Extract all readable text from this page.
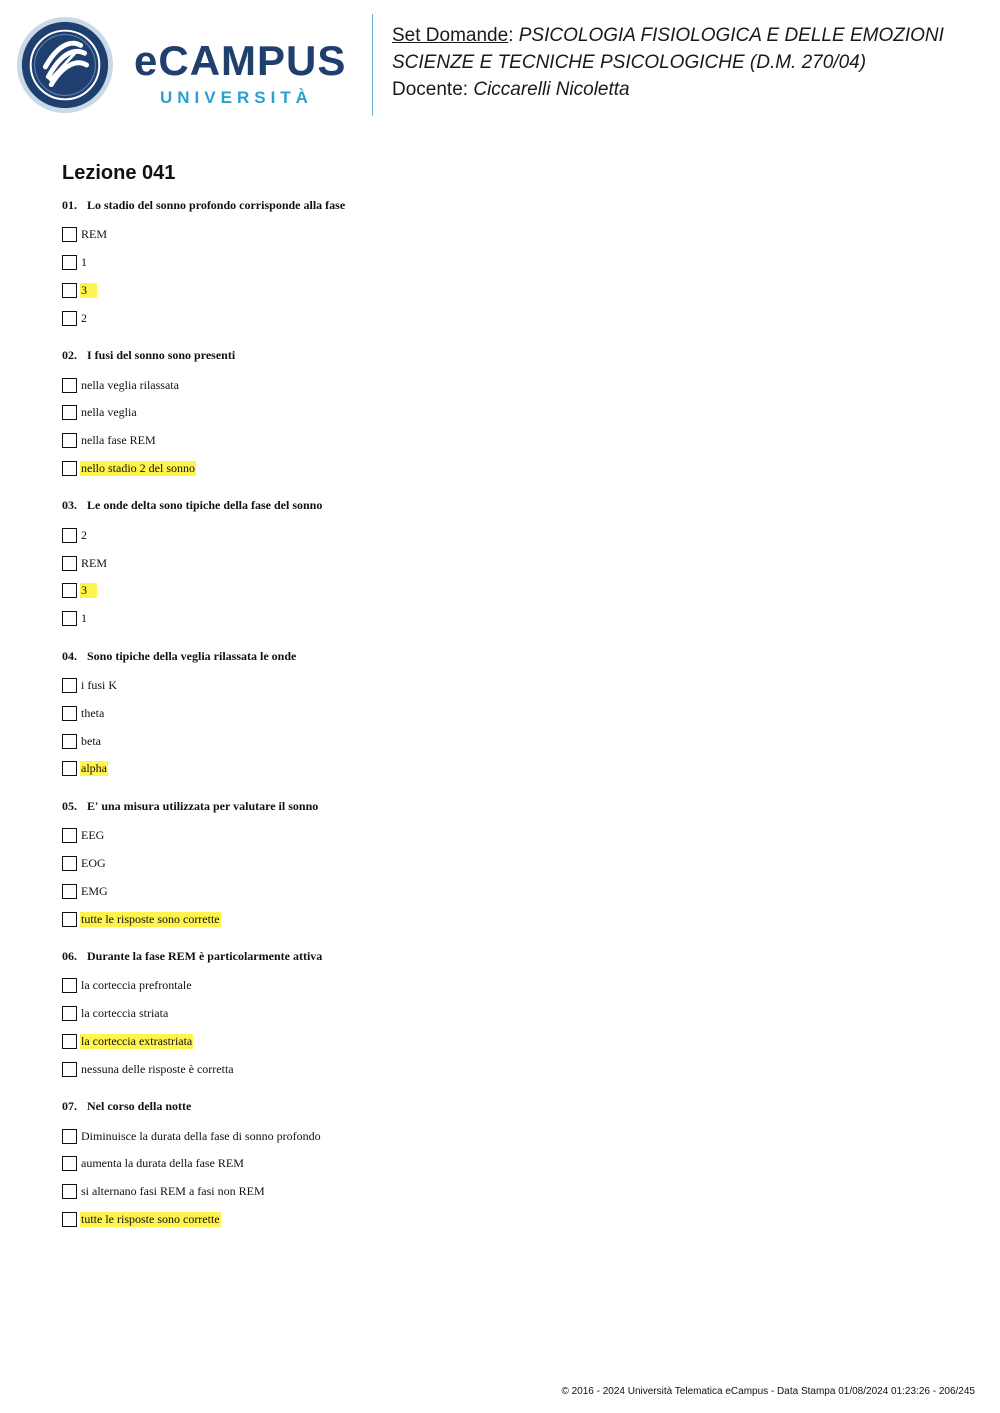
eCAMPUS
UNIVERSITÀ
Set Domande: PSICOLOGIA FISIOLOGICA E DELLE EMOZIONI
SCIENZE E TECNICHE PSICOLOGICHE (D.M. 270/04)
Docente: Ciccarelli Nicoletta
Lezione 041
01. Lo stadio del sonno profondo corrisponde alla fase
REM
1
3
2
02. I fusi del sonno sono presenti
nella veglia rilassata
nella veglia
nella fase REM
nello stadio 2 del sonno
03. Le onde delta sono tipiche della fase del sonno
2
REM
3
1
04. Sono tipiche della veglia rilassata le onde
i fusi K
theta
beta
alpha
05. E' una misura utilizzata per valutare il sonno
EEG
EOG
EMG
tutte le risposte sono corrette
06. Durante la fase REM è particolarmente attiva
la corteccia prefrontale
la corteccia striata
la corteccia extrastriata
nessuna delle risposte è corretta
07. Nel corso della notte
Diminuisce la durata della fase di sonno profondo
aumenta la durata della fase REM
si alternano fasi REM a fasi non REM
tutte le risposte sono corrette
© 2016 - 2024 Università Telematica eCampus - Data Stampa 01/08/2024 01:23:26 - 206/245
